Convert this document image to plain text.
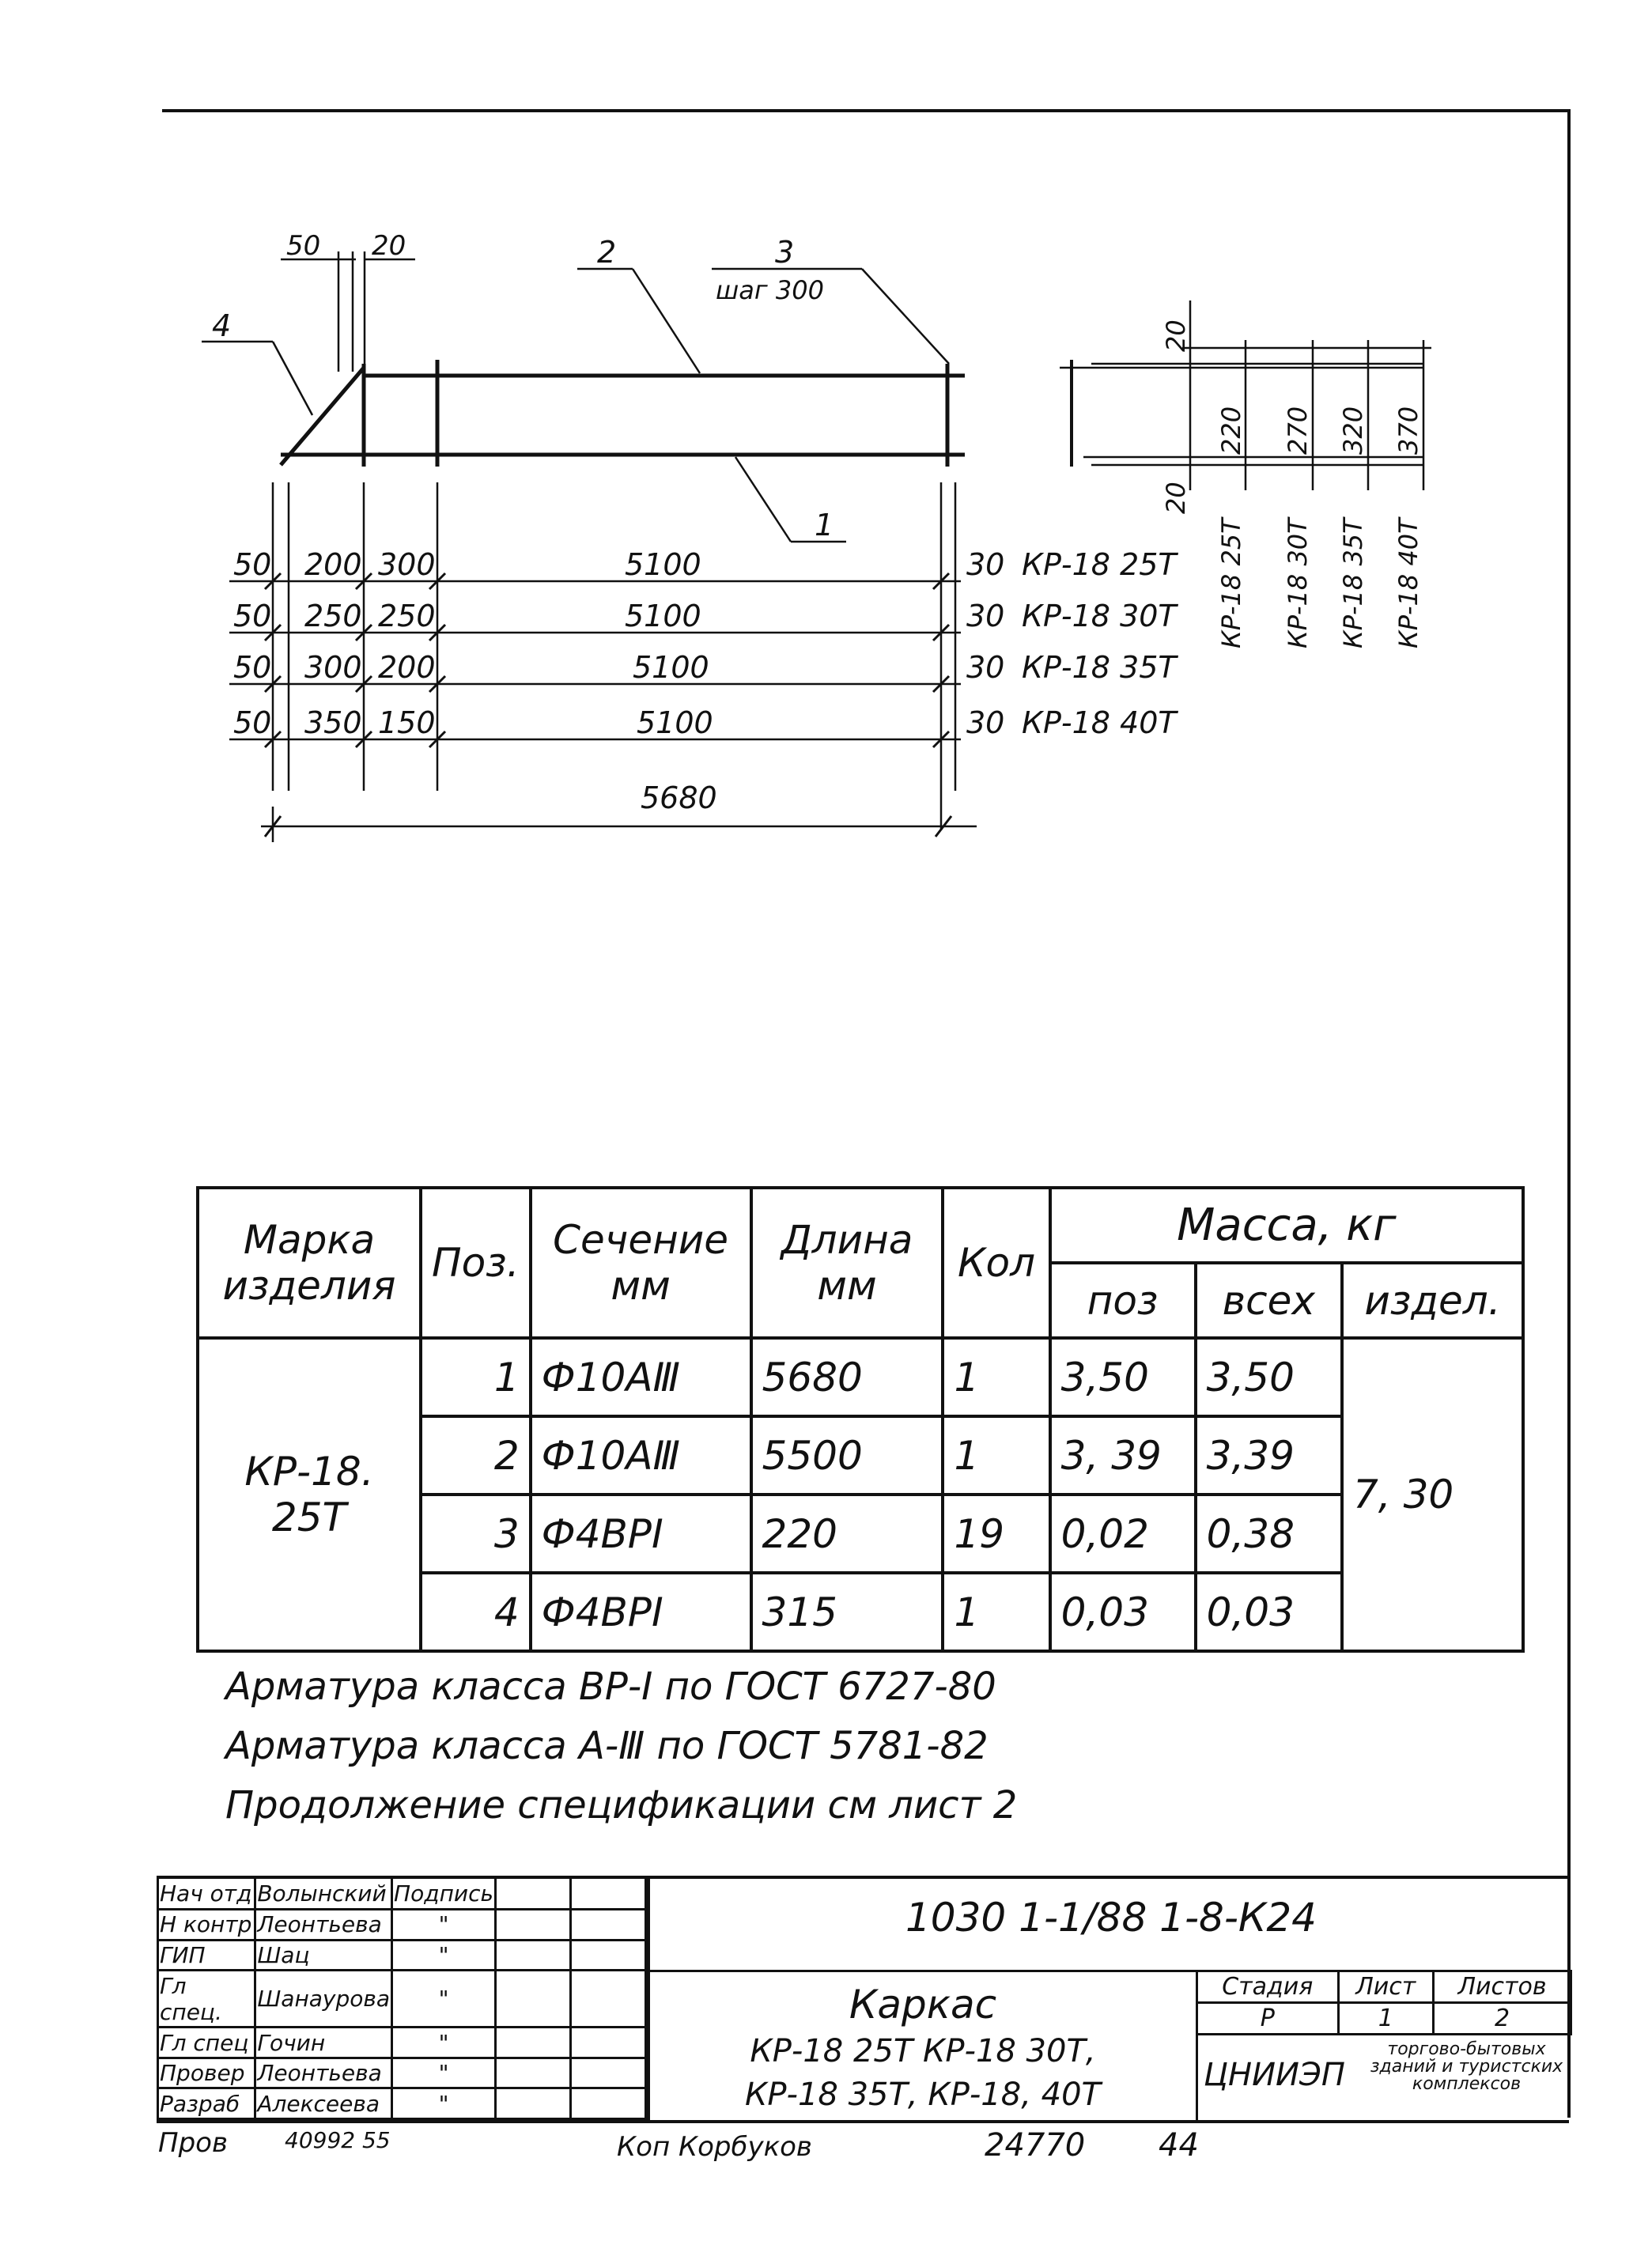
50 20
4
2	3
шаг 300
1
50 200 300	5100	30 КР-18 25Т
50 250 250	5100	30 КР-18 30Т
50 300 200	5100	30 КР-18 35Т
50 350 150	5100	30 КР-18 40Т
5680
20
20
220 270 320 370
КР-18 25Т КР-18 30Т КР-18 35Т КР-18 40Т
Марка изделия	Поз.	Сечение мм	Длина мм	Кол	Масса, кг		
					поз	всех	издел.
КР-18. 25Т	1	Ф10АⅢ	5680	1	3,50	3,50	7, 30
	2	Ф10АⅢ	5500	1	3, 39	3,39	
	3	Ф4ВРⅠ	220	19	0,02	0,38	
	4	Ф4ВРⅠ	315	1	0,03	0,03	
Арматура класса ВР-Ⅰ по ГОСТ 6727-80
Арматура класса А-Ⅲ по ГОСТ 5781-82
Продолжение спецификации см лист 2
Нач отд	Волынский	Подпись		
Н контр	Леонтьева	"		
ГИП	Шац	"		
Гл спец.	Шанаурова	"		
Гл спец	Гочин	"		
Провер	Леонтьева	"		
Разраб	Алексеева	"		
1030 1-1/88 1-8-К24
Каркас
КР-18 25Т КР-18 30Т,
КР-18 35Т, КР-18, 40Т
Стадия	Лист	Листов
Р	1	2
ЦНИИЭП
торгово-бытовых зданий и туристских комплексов
Пров	40992 55	Коп Корбуков	24770 44
